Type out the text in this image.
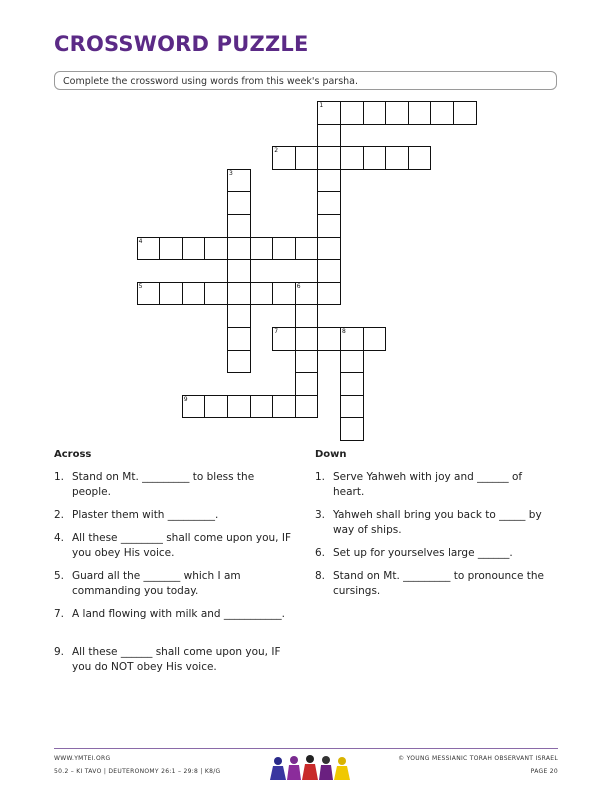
CROSSWORD PUZZLE
Complete the crossword using words from this week's parsha.
1
2
3
4
5	6
7	8
9
Across	Down
1. Stand on Mt. _________ to bless the people.
2. Plaster them with _________.
4. All these ________ shall come upon you, IF you obey His voice.
5. Guard all the _______ which I am commanding you today.
7. A land flowing with milk and ___________.
9. All these ______ shall come upon you, IF you do NOT obey His voice.
1. Serve Yahweh with joy and ______ of heart.
3. Yahweh shall bring you back to _____ by way of ships.
6. Set up for yourselves large ______.
8. Stand on Mt. _________ to pronounce the cursings.
WWW.YMTEI.ORG
50.2 – KI TAVO | DEUTERONOMY 26:1 – 29:8 | K8/G
© YOUNG MESSIANIC TORAH OBSERVANT ISRAEL
PAGE 20
